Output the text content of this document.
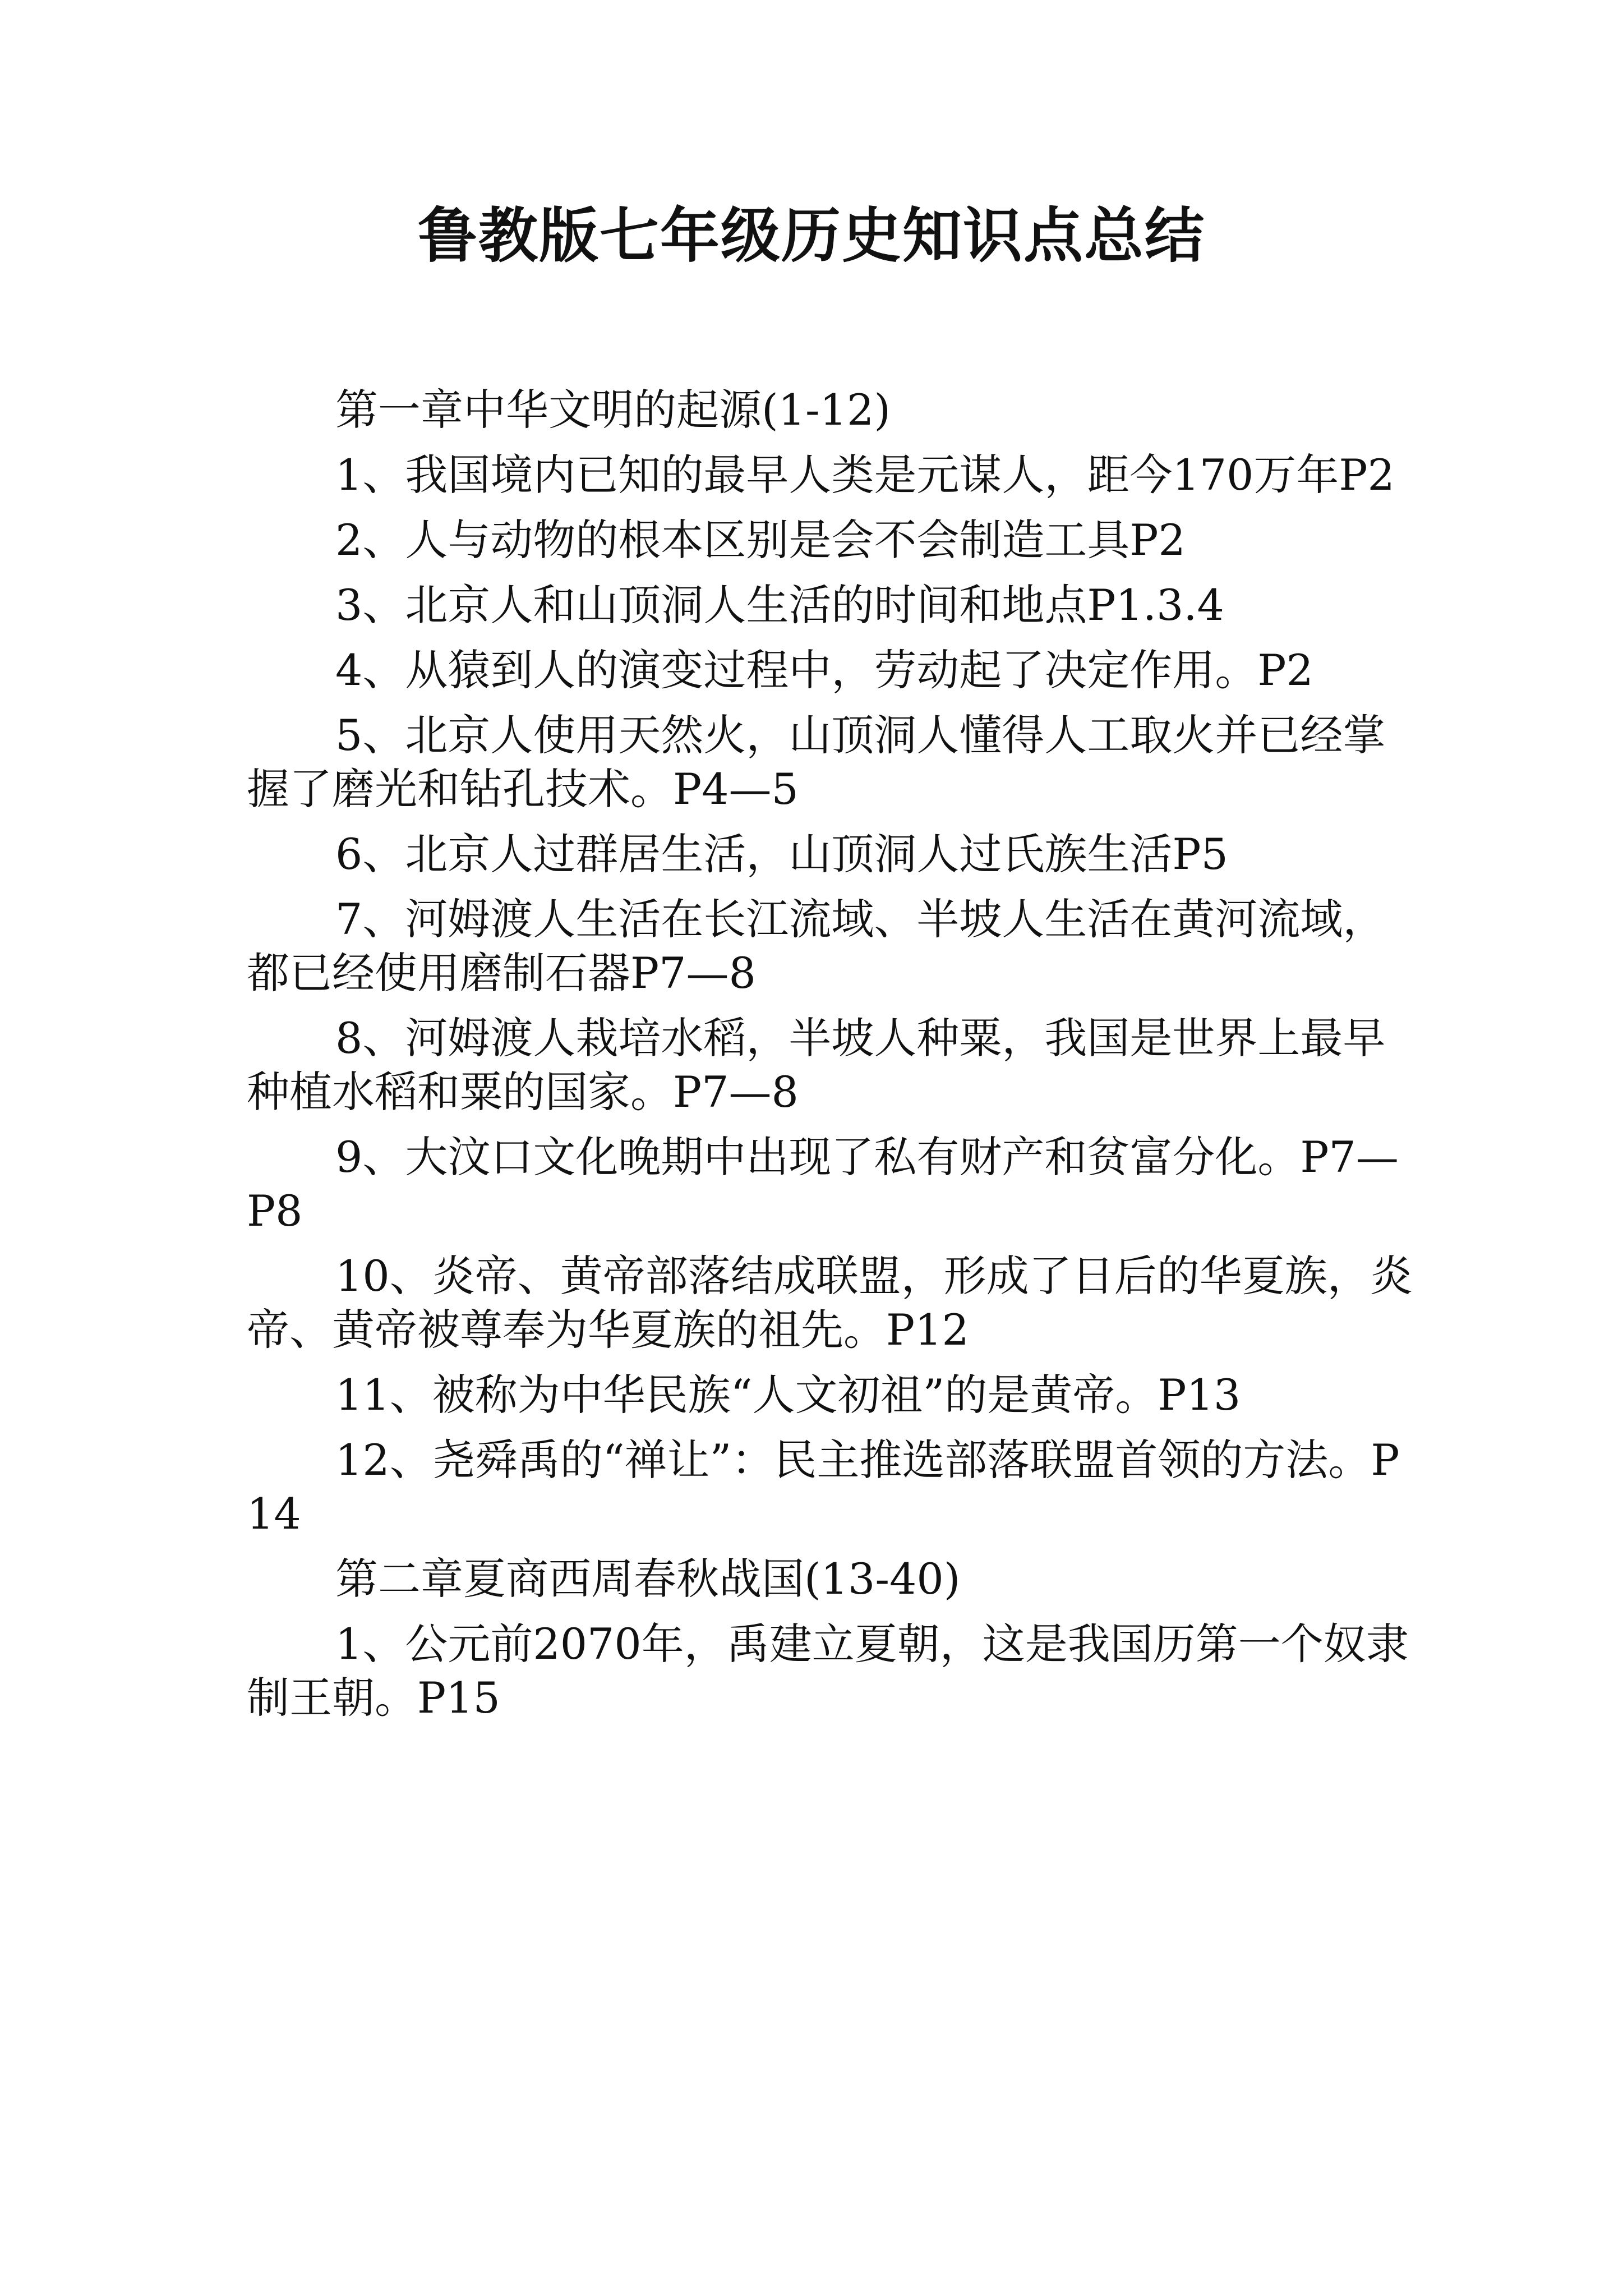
鲁教版七年级历史知识点总结

第一章中华文明的起源(1-12)

1、我国境内已知的最早人类是元谋人，距今170万年P2

2、人与动物的根本区别是会不会制造工具P2

3、北京人和山顶洞人生活的时间和地点P1.3.4

4、从猿到人的演变过程中，劳动起了决定作用。P2

5、北京人使用天然火，山顶洞人懂得人工取火并已经掌握了磨光和钻孔技术。P4—5

6、北京人过群居生活，山顶洞人过氏族生活P5

7、河姆渡人生活在长江流域、半坡人生活在黄河流域，都已经使用磨制石器P7—8

8、河姆渡人栽培水稻，半坡人种粟，我国是世界上最早种植水稻和粟的国家。P7—8

9、大汶口文化晚期中出现了私有财产和贫富分化。P7—P8

10、炎帝、黄帝部落结成联盟，形成了日后的华夏族，炎帝、黄帝被尊奉为华夏族的祖先。P12

11、被称为中华民族“人文初祖”的是黄帝。P13

12、尧舜禹的“禅让”：民主推选部落联盟首领的方法。P14

第二章夏商西周春秋战国(13-40)

1、公元前2070年，禹建立夏朝，这是我国历第一个奴隶制王朝。P15
